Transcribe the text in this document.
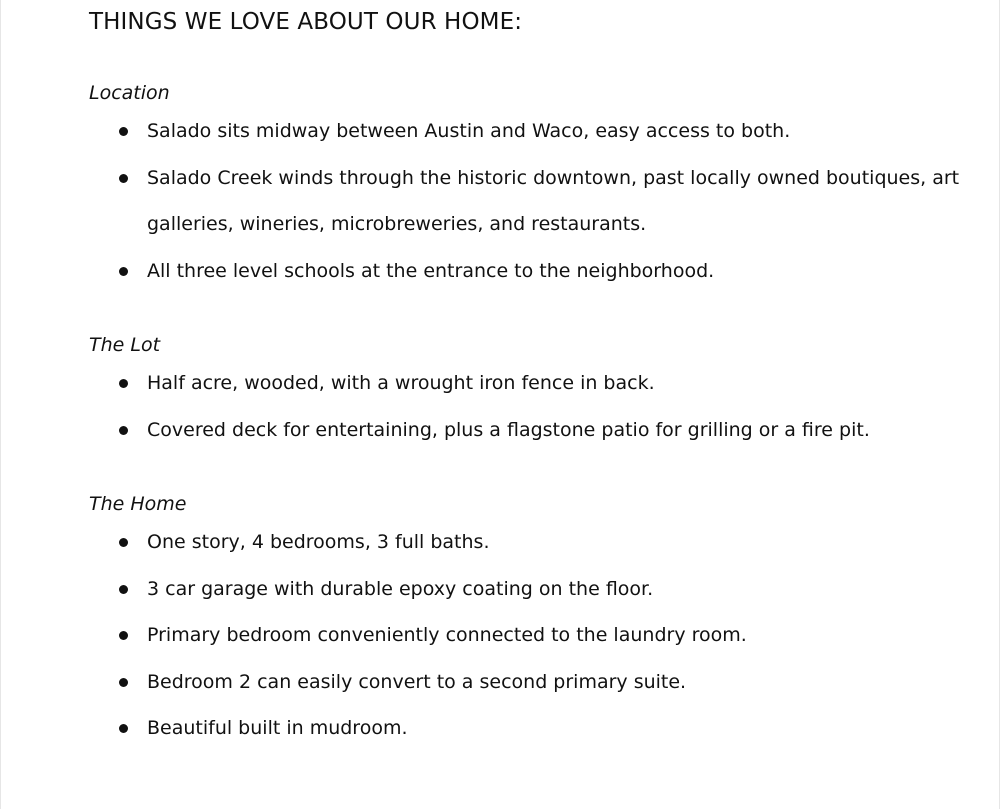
THINGS WE LOVE ABOUT OUR HOME:
Location
Salado sits midway between Austin and Waco, easy access to both.
Salado Creek winds through the historic downtown, past locally owned boutiques, art galleries, wineries, microbreweries, and restaurants.
All three level schools at the entrance to the neighborhood.
The Lot
Half acre, wooded, with a wrought iron fence in back.
Covered deck for entertaining, plus a flagstone patio for grilling or a fire pit.
The Home
One story, 4 bedrooms, 3 full baths.
3 car garage with durable epoxy coating on the floor.
Primary bedroom conveniently connected to the laundry room.
Bedroom 2 can easily convert to a second primary suite.
Beautiful built in mudroom.
